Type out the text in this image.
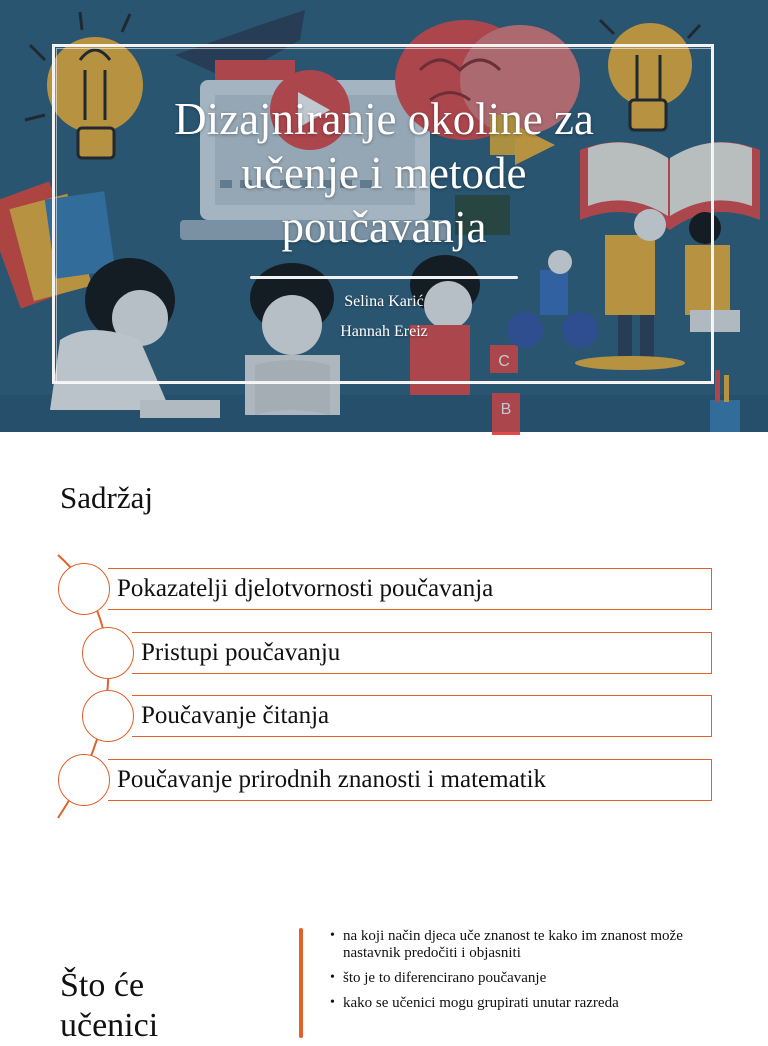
C
B
Dizajniranje okoline za
učenje i metode
poučavanja
Selina Karić
Hannah Ereiz
Sadržaj
Pokazatelji djelotvornosti poučavanja
Pristupi poučavanju
Poučavanje čitanja
Poučavanje prirodnih znanosti i matematik
Što će
učenici
• na koji način djeca uče znanost te kako im znanost može nastavnik predočiti i objasniti
• što je to diferencirano poučavanje
• kako se učenici mogu grupirati unutar razreda
